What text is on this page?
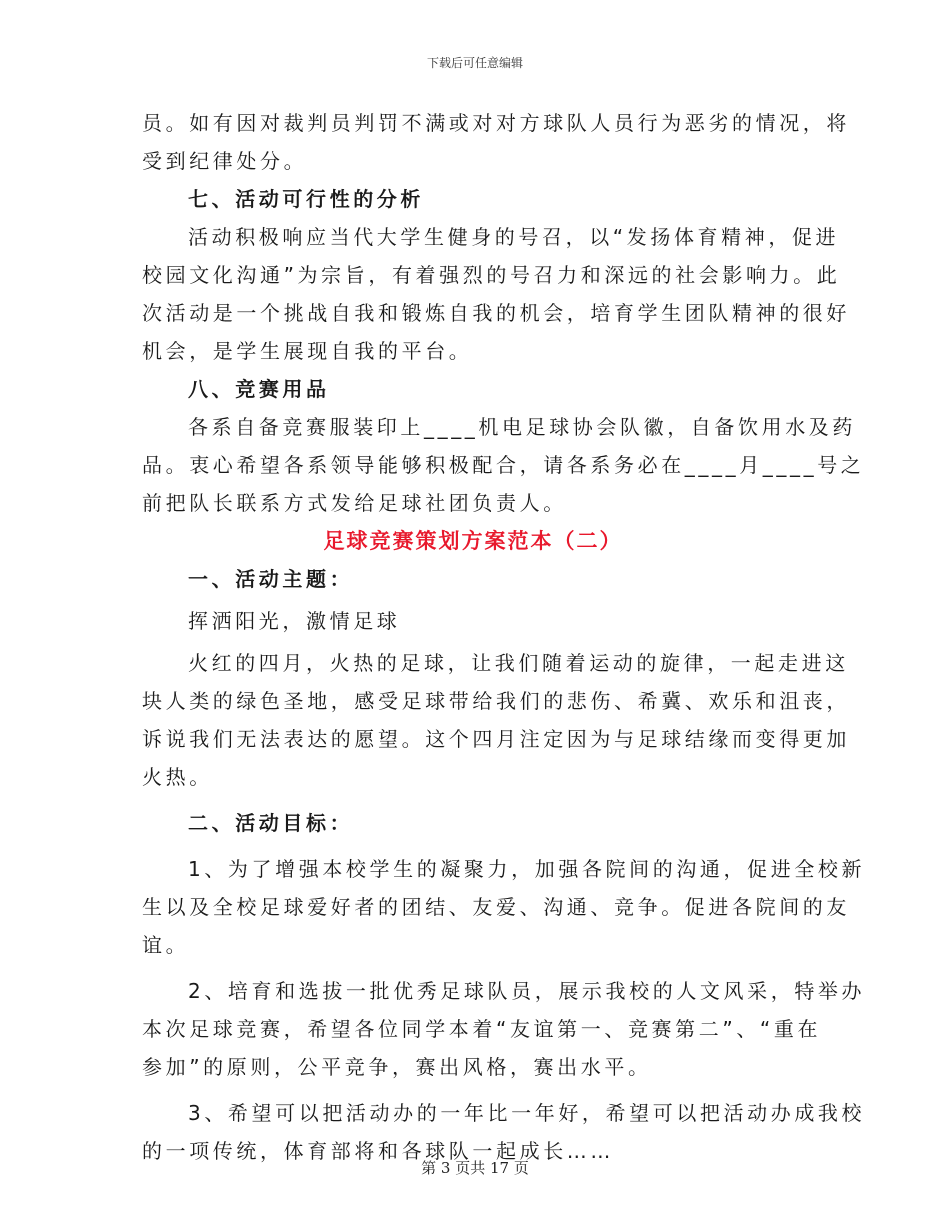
下载后可任意编辑
员。如有因对裁判员判罚不满或对对方球队人员行为恶劣的情况，将
受到纪律处分。
七、活动可行性的分析
活动积极响应当代大学生健身的号召，以“发扬体育精神，促进
校园文化沟通”为宗旨，有着强烈的号召力和深远的社会影响力。此
次活动是一个挑战自我和锻炼自我的机会，培育学生团队精神的很好
机会，是学生展现自我的平台。
八、竞赛用品
各系自备竞赛服装印上____机电足球协会队徽，自备饮用水及药
品。衷心希望各系领导能够积极配合，请各系务必在____月____号之
前把队长联系方式发给足球社团负责人。
足球竞赛策划方案范本（二）
一、活动主题：
挥洒阳光，激情足球
火红的四月，火热的足球，让我们随着运动的旋律，一起走进这
块人类的绿色圣地，感受足球带给我们的悲伤、希冀、欢乐和沮丧，
诉说我们无法表达的愿望。这个四月注定因为与足球结缘而变得更加
火热。
二、活动目标：
1、为了增强本校学生的凝聚力，加强各院间的沟通，促进全校新
生以及全校足球爱好者的团结、友爱、沟通、竞争。促进各院间的友
谊。
2、培育和选拔一批优秀足球队员，展示我校的人文风采，特举办
本次足球竞赛，希望各位同学本着“友谊第一、竞赛第二”、“重在
参加”的原则，公平竞争，赛出风格，赛出水平。
3、希望可以把活动办的一年比一年好，希望可以把活动办成我校
的一项传统，体育部将和各球队一起成长……
第 3 页共 17 页
